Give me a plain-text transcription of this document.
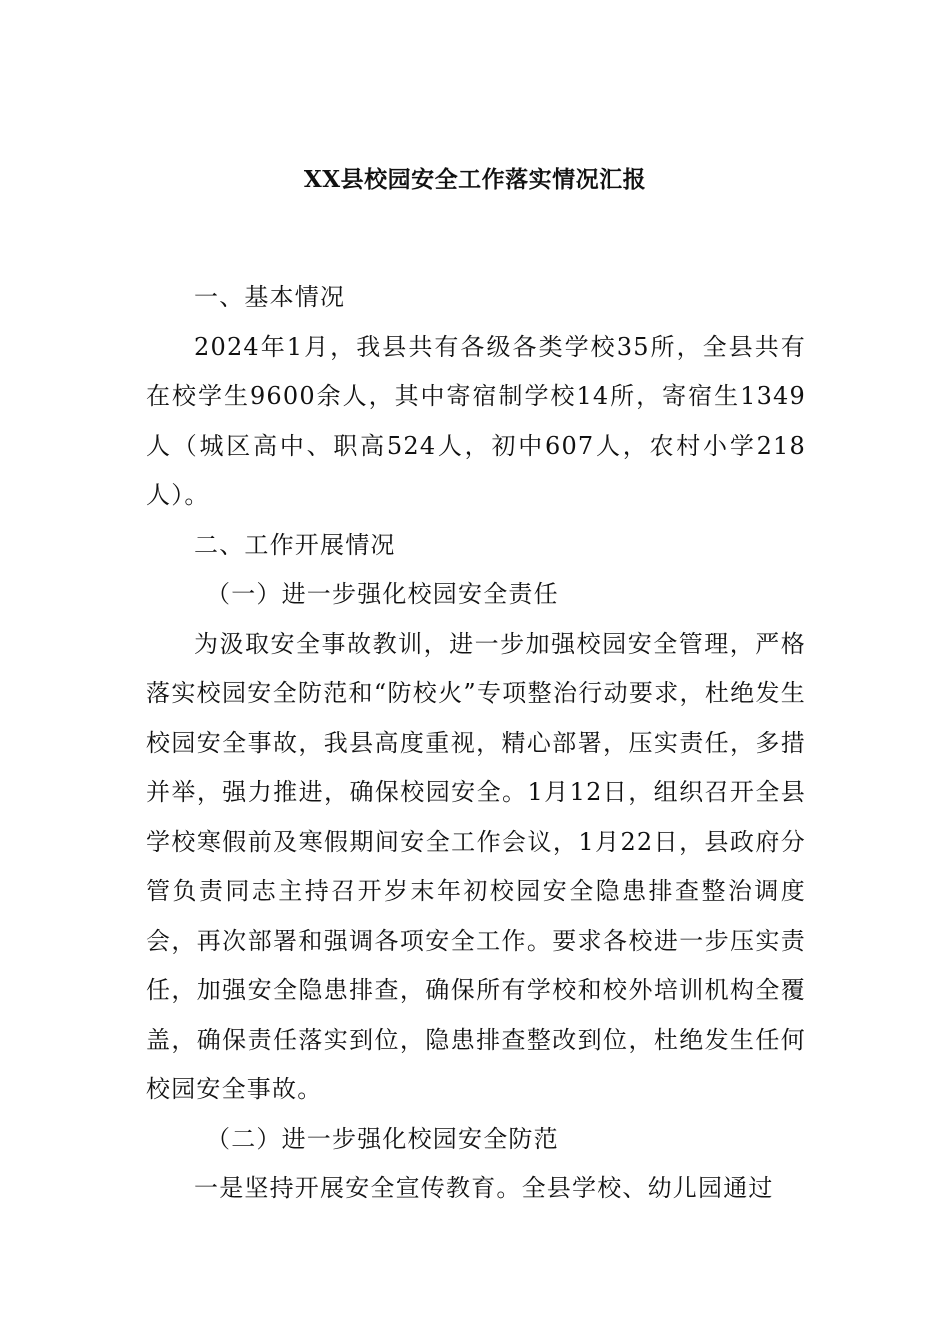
XX县校园安全工作落实情况汇报

一、基本情况

2024年1月，我县共有各级各类学校35所，全县共有在校学生9600余人，其中寄宿制学校14所，寄宿生1349人（城区高中、职高524人，初中607人，农村小学218人）。

二、工作开展情况

（一）进一步强化校园安全责任

为汲取安全事故教训，进一步加强校园安全管理，严格落实校园安全防范和“防校火”专项整治行动要求，杜绝发生校园安全事故，我县高度重视，精心部署，压实责任，多措并举，强力推进，确保校园安全。1月12日，组织召开全县学校寒假前及寒假期间安全工作会议，1月22日，县政府分管负责同志主持召开岁末年初校园安全隐患排查整治调度会，再次部署和强调各项安全工作。要求各校进一步压实责任，加强安全隐患排查，确保所有学校和校外培训机构全覆盖，确保责任落实到位，隐患排查整改到位，杜绝发生任何校园安全事故。

（二）进一步强化校园安全防范

一是坚持开展安全宣传教育。全县学校、幼儿园通过
